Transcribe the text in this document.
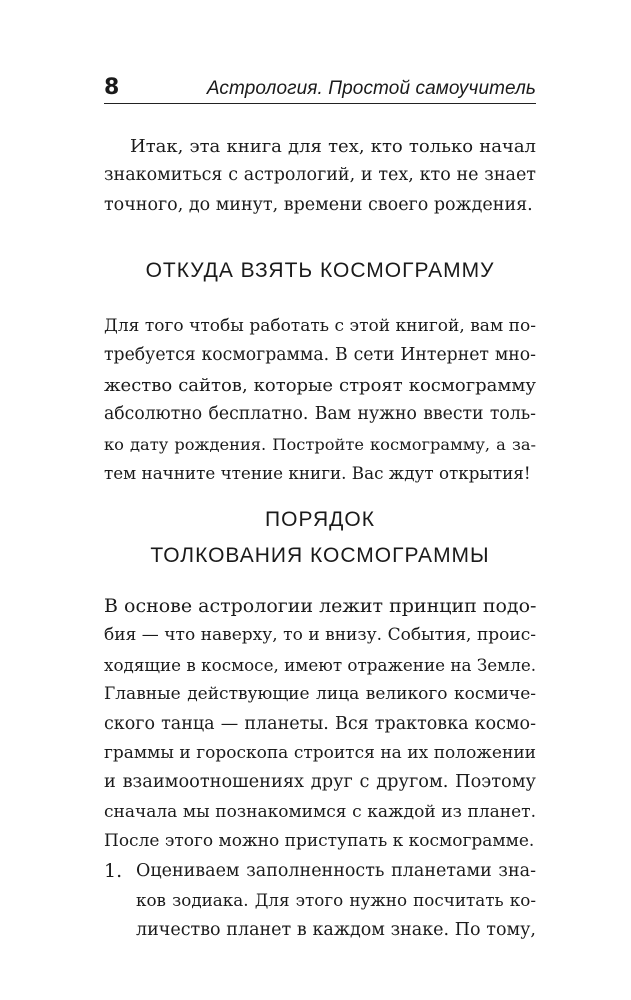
8	Астрология. Простой самоучитель
Итак, эта книга для тех, кто только начал
знакомиться с астрологий, и тех, кто не знает
точного, до минут, времени своего рождения.
ОТКУДА ВЗЯТЬ КОСМОГРАММУ
Для того чтобы работать с этой книгой, вам по-
требуется космограмма. В сети Интернет мно-
жество сайтов, которые строят космограмму
абсолютно бесплатно. Вам нужно ввести толь-
ко дату рождения. Постройте космограмму, а за-
тем начните чтение книги. Вас ждут открытия!
ПОРЯДОК
ТОЛКОВАНИЯ КОСМОГРАММЫ
В основе астрологии лежит принцип подо-
бия — что наверху, то и внизу. События, проис-
ходящие в космосе, имеют отражение на Земле.
Главные действующие лица великого космиче-
ского танца — планеты. Вся трактовка космо-
граммы и гороскопа строится на их положении
и взаимоотношениях друг с другом. Поэтому
сначала мы познакомимся с каждой из планет.
После этого можно приступать к космограмме.
1. Оцениваем заполненность планетами зна-
ков зодиака. Для этого нужно посчитать ко-
личество планет в каждом знаке. По тому,
